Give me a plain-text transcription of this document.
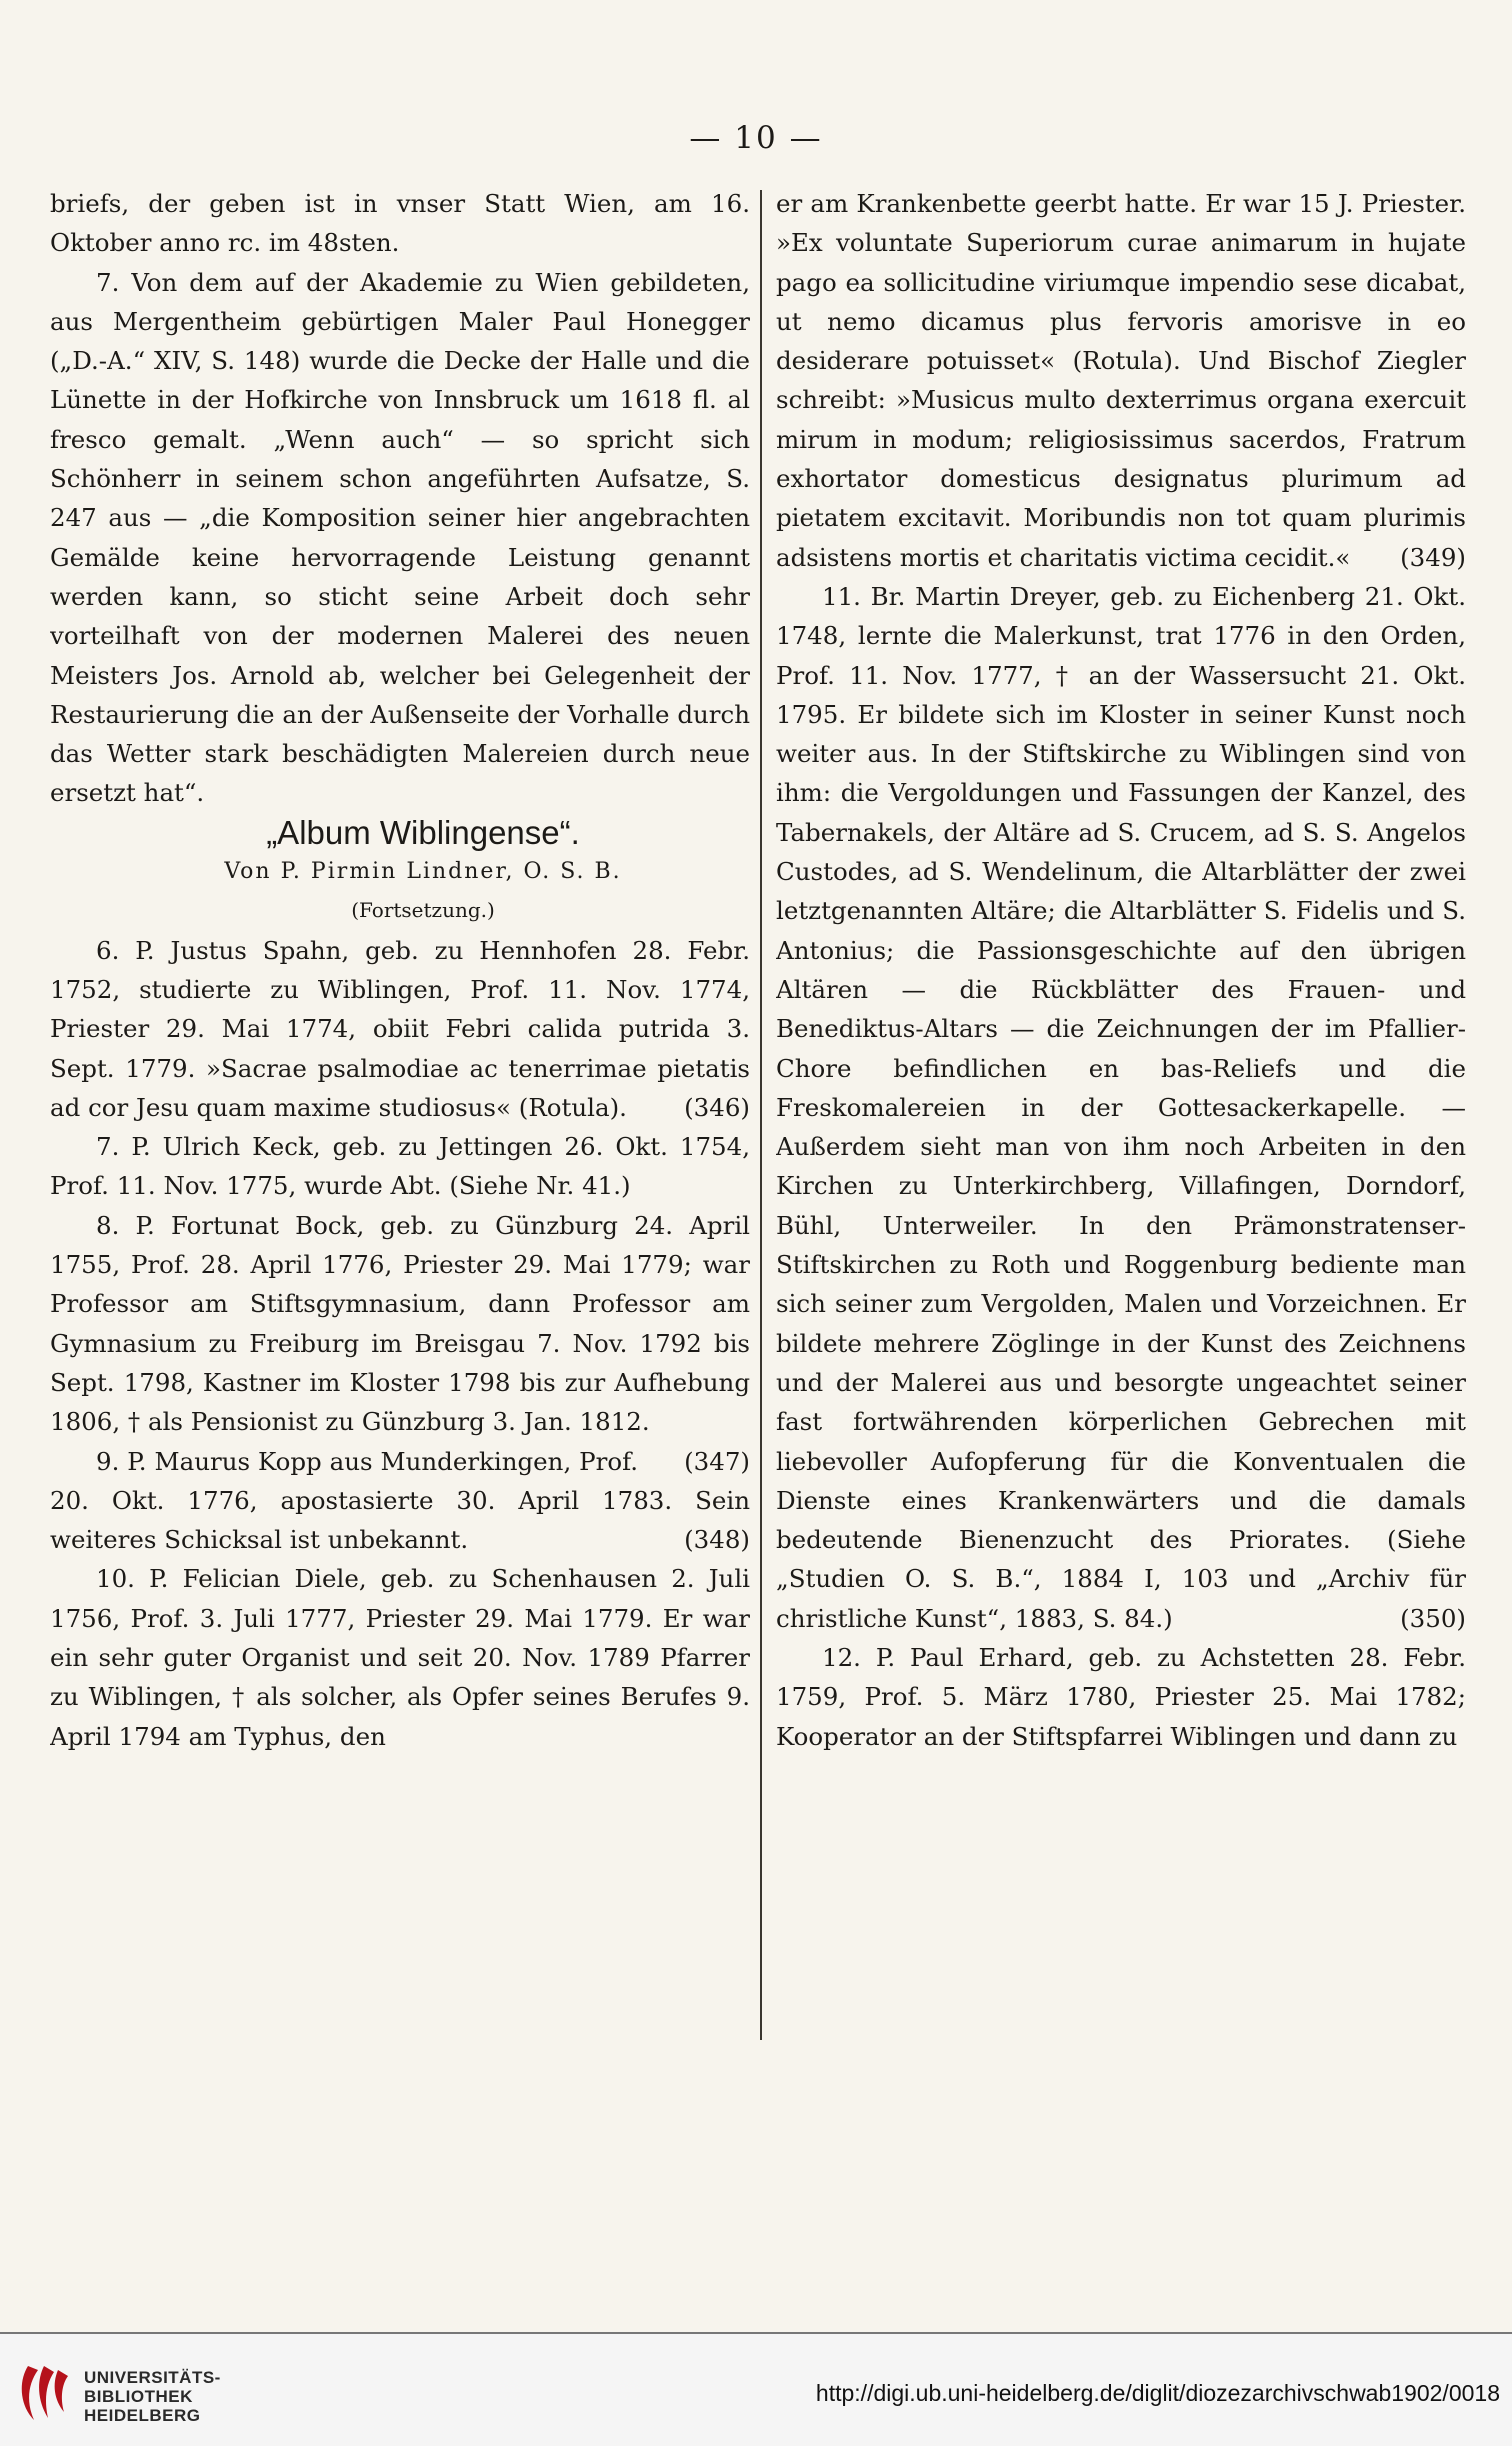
— 10 —

briefs, der geben ist in vnser Statt Wien, am 16. Oktober anno rc. im 48sten.

7. Von dem auf der Akademie zu Wien gebildeten, aus Mergentheim gebürtigen Maler Paul Honegger („D.-A.“ XIV, S. 148) wurde die Decke der Halle und die Lünette in der Hofkirche von Innsbruck um 1618 fl. al fresco gemalt. „Wenn auch“ — so spricht sich Schönherr in seinem schon angeführten Aufsatze, S. 247 aus — „die Komposition seiner hier angebrachten Gemälde keine hervorragende Leistung genannt werden kann, so sticht seine Arbeit doch sehr vorteilhaft von der modernen Malerei des neuen Meisters Jos. Arnold ab, welcher bei Gelegenheit der Restaurierung die an der Außenseite der Vorhalle durch das Wetter stark beschädigten Malereien durch neue ersetzt hat“.

„Album Wiblingense“.

Von P. Pirmin Lindner, O. S. B.

(Fortsetzung.)

6. P. Justus Spahn, geb. zu Hennhofen 28. Febr. 1752, studierte zu Wiblingen, Prof. 11. Nov. 1774, Priester 29. Mai 1774, obiit Febri calida putrida 3. Sept. 1779. »Sacrae psalmodiae ac tenerrimae pietatis ad cor Jesu quam maxime studiosus« (Rotula).	(346)

7. P. Ulrich Keck, geb. zu Jettingen 26. Okt. 1754, Prof. 11. Nov. 1775, wurde Abt. (Siehe Nr. 41.)

8. P. Fortunat Bock, geb. zu Günzburg 24. April 1755, Prof. 28. April 1776, Priester 29. Mai 1779; war Professor am Stiftsgymnasium, dann Professor am Gymnasium zu Freiburg im Breisgau 7. Nov. 1792 bis Sept. 1798, Kastner im Kloster 1798 bis zur Aufhebung 1806, † als Pensionist zu Günzburg 3. Jan. 1812.
(347)

9. P. Maurus Kopp aus Munderkingen, Prof. 20. Okt. 1776, apostasierte 30. April 1783. Sein weiteres Schicksal ist unbekannt.	(348)

10. P. Felician Diele, geb. zu Schenhausen 2. Juli 1756, Prof. 3. Juli 1777, Priester 29. Mai 1779. Er war ein sehr guter Organist und seit 20. Nov. 1789 Pfarrer zu Wiblingen, † als solcher, als Opfer seines Berufes 9. April 1794 am Typhus, den

er am Krankenbette geerbt hatte. Er war 15 J. Priester. »Ex voluntate Superiorum curae animarum in hujate pago ea sollicitudine viriumque impendio sese dicabat, ut nemo dicamus plus fervoris amorisve in eo desiderare potuisset« (Rotula). Und Bischof Ziegler schreibt: »Musicus multo dexterrimus organa exercuit mirum in modum; religiosissimus sacerdos, Fratrum exhortator domesticus designatus plurimum ad pietatem excitavit. Moribundis non tot quam plurimis adsistens mortis et charitatis victima cecidit.« (349)

11. Br. Martin Dreyer, geb. zu Eichenberg 21. Okt. 1748, lernte die Malerkunst, trat 1776 in den Orden, Prof. 11. Nov. 1777, † an der Wassersucht 21. Okt. 1795. Er bildete sich im Kloster in seiner Kunst noch weiter aus. In der Stiftskirche zu Wiblingen sind von ihm: die Vergoldungen und Fassungen der Kanzel, des Tabernakels, der Altäre ad S. Crucem, ad S. S. Angelos Custodes, ad S. Wendelinum, die Altarblätter der zwei letztgenannten Altäre; die Altarblätter S. Fidelis und S. Antonius; die Passionsgeschichte auf den übrigen Altären — die Rückblätter des Frauen- und Benediktus-Altars — die Zeichnungen der im Pfallier-Chore befindlichen en bas-Reliefs und die Freskomalereien in der Gottesackerkapelle. — Außerdem sieht man von ihm noch Arbeiten in den Kirchen zu Unterkirchberg, Villafingen, Dorndorf, Bühl, Unterweiler. In den Prämonstratenser-Stiftskirchen zu Roth und Roggenburg bediente man sich seiner zum Vergolden, Malen und Vorzeichnen. Er bildete mehrere Zöglinge in der Kunst des Zeichnens und der Malerei aus und besorgte ungeachtet seiner fast fortwährenden körperlichen Gebrechen mit liebevoller Aufopferung für die Konventualen die Dienste eines Krankenwärters und die damals bedeutende Bienenzucht des Priorates. (Siehe „Studien O. S. B.“, 1884 I, 103 und „Archiv für christliche Kunst“, 1883, S. 84.)	(350)

12. P. Paul Erhard, geb. zu Achstetten 28. Febr. 1759, Prof. 5. März 1780, Priester 25. Mai 1782; Kooperator an der Stiftspfarrei Wiblingen und dann zu

UNIVERSITÄTS-
BIBLIOTHEK
HEIDELBERG
http://digi.ub.uni-heidelberg.de/diglit/diozezarchivschwab1902/0018
